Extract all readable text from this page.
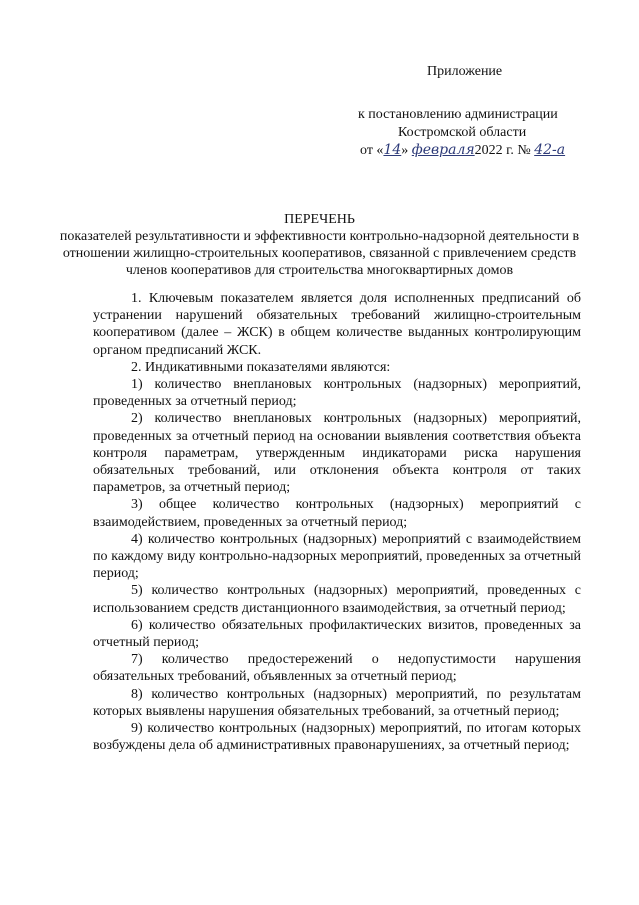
Приложение
к постановлению администрации
Костромской области
от «14» февраля2022 г. № 42-а
ПЕРЕЧЕНЬ
показателей результативности и эффективности контрольно-надзорной деятельности в отношении жилищно-строительных кооперативов, связанной с привлечением средств членов кооперативов для строительства многоквартирных домов

1. Ключевым показателем является доля исполненных предписаний об устранении нарушений обязательных требований жилищно-строительным кооперативом (далее – ЖСК) в общем количестве выданных контролирующим органом предписаний ЖСК.

2. Индикативными показателями являются:

1) количество внеплановых контрольных (надзорных) мероприятий, проведенных за отчетный период;

2) количество внеплановых контрольных (надзорных) мероприятий, проведенных за отчетный период на основании выявления соответствия объекта контроля параметрам, утвержденным индикаторами риска нарушения обязательных требований, или отклонения объекта контроля от таких параметров, за отчетный период;

3) общее количество контрольных (надзорных) мероприятий с взаимодействием, проведенных за отчетный период;

4) количество контрольных (надзорных) мероприятий с взаимодействием по каждому виду контрольно-надзорных мероприятий, проведенных за отчетный период;

5) количество контрольных (надзорных) мероприятий, проведенных с использованием средств дистанционного взаимодействия, за отчетный период;

6) количество обязательных профилактических визитов, проведенных за отчетный период;

7) количество предостережений о недопустимости нарушения обязательных требований, объявленных за отчетный период;

8) количество контрольных (надзорных) мероприятий, по результатам которых выявлены нарушения обязательных требований, за отчетный период;

9) количество контрольных (надзорных) мероприятий, по итогам которых возбуждены дела об административных правонарушениях, за отчетный период;
